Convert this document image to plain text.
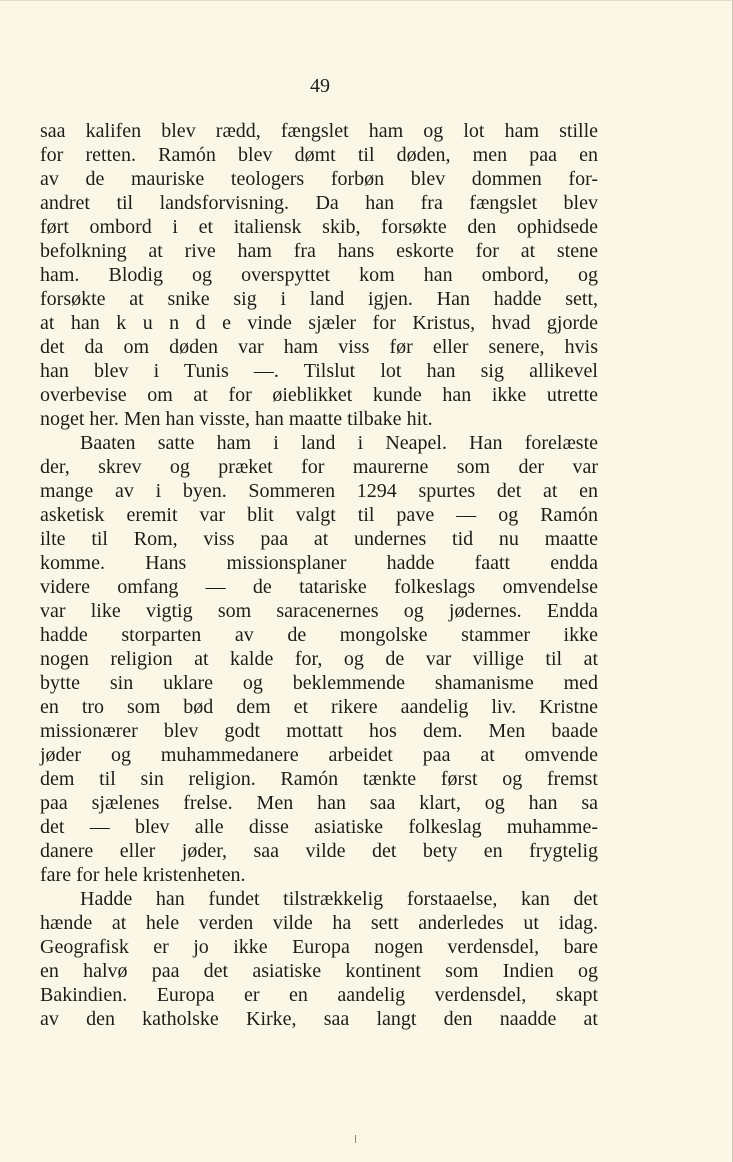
49
saa kalifen blev rædd, fængslet ham og lot ham stille
for retten. Ramón blev dømt til døden, men paa en
av de mauriske teologers forbøn blev dommen for-
andret til landsforvisning. Da han fra fængslet blev
ført ombord i et italiensk skib, forsøkte den ophidsede
befolkning at rive ham fra hans eskorte for at stene
ham. Blodig og overspyttet kom han ombord, og
forsøkte at snike sig i land igjen. Han hadde sett,
at han k u n d e vinde sjæler for Kristus, hvad gjorde
det da om døden var ham viss før eller senere, hvis
han blev i Tunis —. Tilslut lot han sig allikevel
overbevise om at for øieblikket kunde han ikke utrette
noget her. Men han visste, han maatte tilbake hit.
Baaten satte ham i land i Neapel. Han forelæste
der, skrev og præket for maurerne som der var
mange av i byen. Sommeren 1294 spurtes det at en
asketisk eremit var blit valgt til pave — og Ramón
ilte til Rom, viss paa at undernes tid nu maatte
komme. Hans missionsplaner hadde faatt endda
videre omfang — de tatariske folkeslags omvendelse
var like vigtig som saracenernes og jødernes. Endda
hadde storparten av de mongolske stammer ikke
nogen religion at kalde for, og de var villige til at
bytte sin uklare og beklemmende shamanisme med
en tro som bød dem et rikere aandelig liv. Kristne
missionærer blev godt mottatt hos dem. Men baade
jøder og muhammedanere arbeidet paa at omvende
dem til sin religion. Ramón tænkte først og fremst
paa sjælenes frelse. Men han saa klart, og han sa
det — blev alle disse asiatiske folkeslag muhamme-
danere eller jøder, saa vilde det bety en frygtelig
fare for hele kristenheten.
Hadde han fundet tilstrækkelig forstaaelse, kan det
hænde at hele verden vilde ha sett anderledes ut idag.
Geografisk er jo ikke Europa nogen verdensdel, bare
en halvø paa det asiatiske kontinent som Indien og
Bakindien. Europa er en aandelig verdensdel, skapt
av den katholske Kirke, saa langt den naadde at
